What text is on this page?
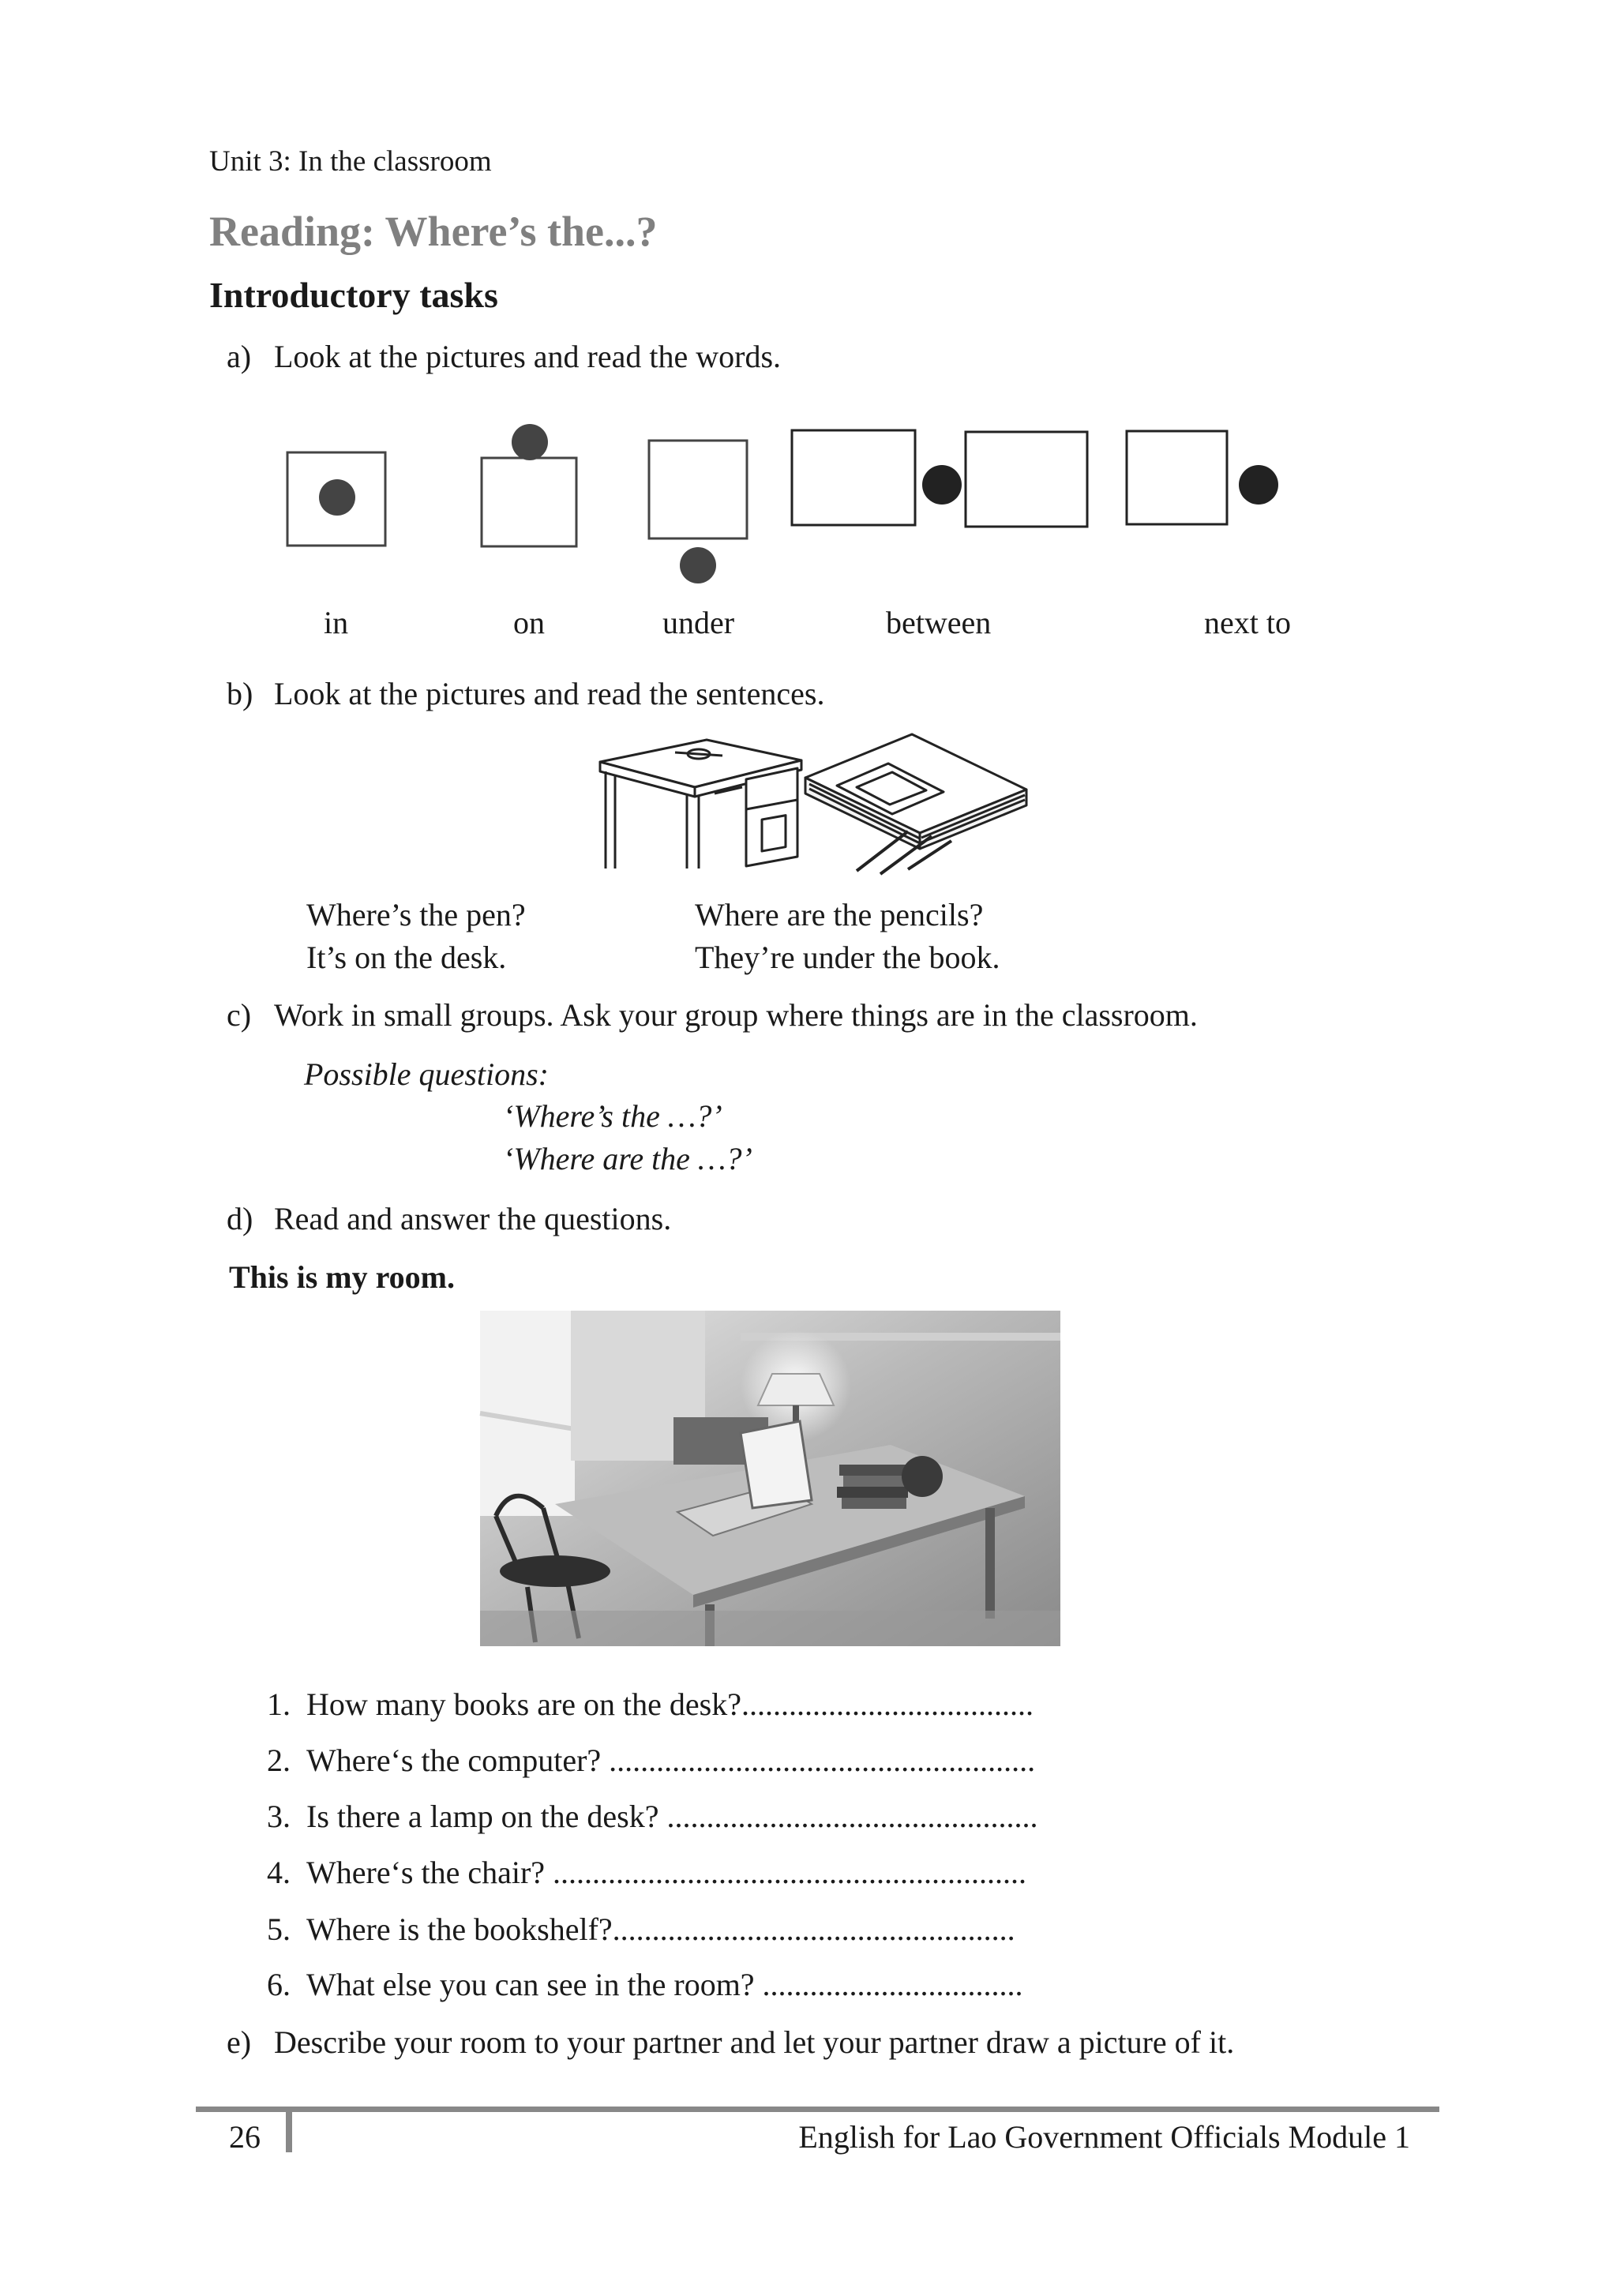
Unit 3: In the classroom
Reading: Where’s the...?
Introductory tasks
a) Look at the pictures and read the words.
in	on	under	between	next to
b) Look at the pictures and read the sentences.
Where’s the pen?
It’s on the desk.
Where are the pencils?
They’re under the book.
c) Work in small groups. Ask your group where things are in the classroom.
Possible questions:
‘Where’s the …?’
‘Where are the …?’
d) Read and answer the questions.
This is my room.
1. How many books are on the desk?.....................................
2. Where‘s the computer? ......................................................
3. Is there a lamp on the desk? ...............................................
4. Where‘s the chair? ............................................................
5. Where is the bookshelf?...................................................
6. What else you can see in the room? .................................
e) Describe your room to your partner and let your partner draw a picture of it.
26	English for Lao Government Officials Module 1
